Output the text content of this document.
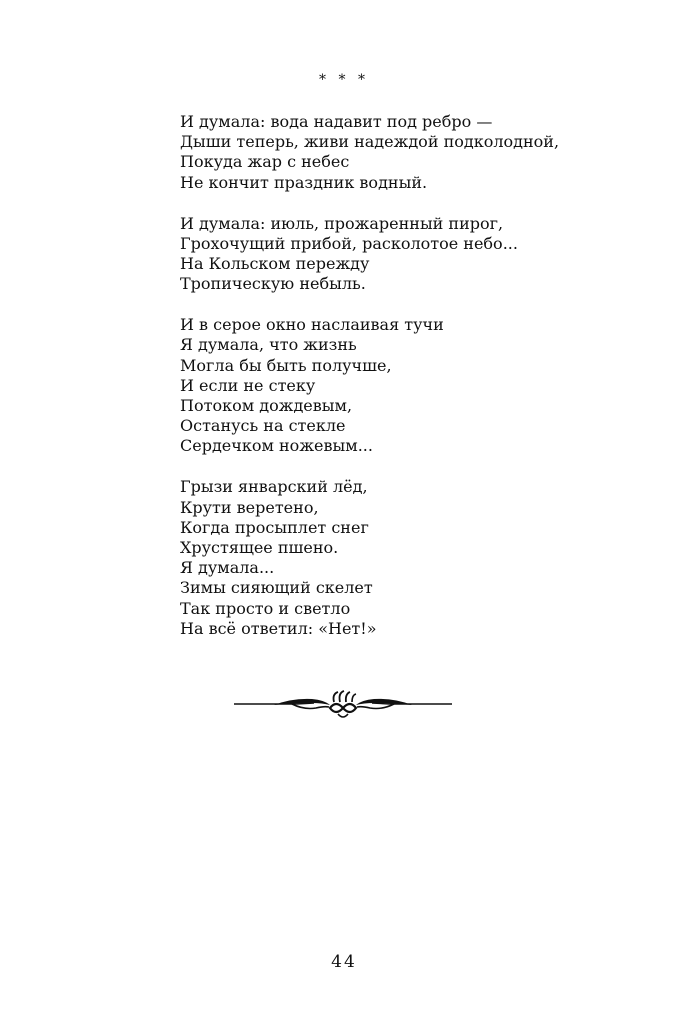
* * *
И думала: вода надавит под ребро —
Дыши теперь, живи надеждой подколодной,
Покуда жар с небес
Не кончит праздник водный.
И думала: июль, прожаренный пирог,
Грохочущий прибой, расколотое небо...
На Кольском пережду
Тропическую небыль.
И в серое окно наслаивая тучи
Я думала, что жизнь
Могла бы быть получше,
И если не стеку
Потоком дождевым,
Останусь на стекле
Сердечком ножевым...
Грызи январский лёд,
Крути веретено,
Когда просыплет снег
Хрустящее пшено.
Я думала...
Зимы сияющий скелет
Так просто и светло
На всё ответил: «Нет!»
44
